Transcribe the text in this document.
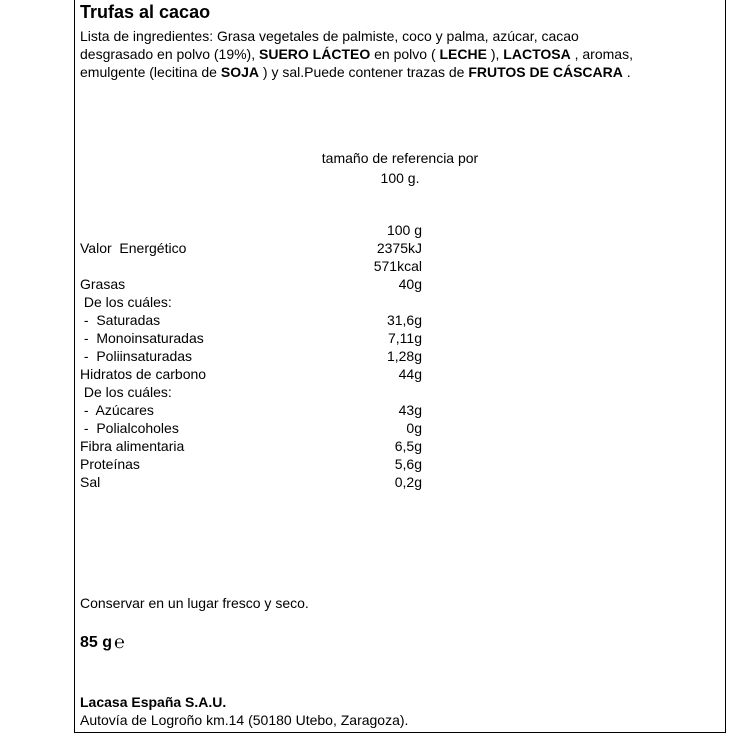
Trufas al cacao
Lista de ingredientes: Grasa vegetales de palmiste, coco y palma, azúcar, cacao desgrasado en polvo (19%), SUERO LÁCTEO en polvo ( LECHE ), LACTOSA , aromas, emulgente (lecitina de SOJA ) y sal.Puede contener trazas de FRUTOS DE CÁSCARA .
tamaño de referencia por
100 g.
100 g
Valor  Energético	2375kJ
571kcal
Grasas	40g
De los cuáles:
-  Saturadas	31,6g
-  Monoinsaturadas	7,11g
-  Poliinsaturadas	1,28g
Hidratos de carbono	44g
De los cuáles:
-  Azúcares	43g
-  Polialcoholes	0g
Fibra alimentaria	6,5g
Proteínas	5,6g
Sal	0,2g
Conservar en un lugar fresco y seco.
85 g ℮
Lacasa España S.A.U.
Autovía de Logroño km.14 (50180 Utebo, Zaragoza).
